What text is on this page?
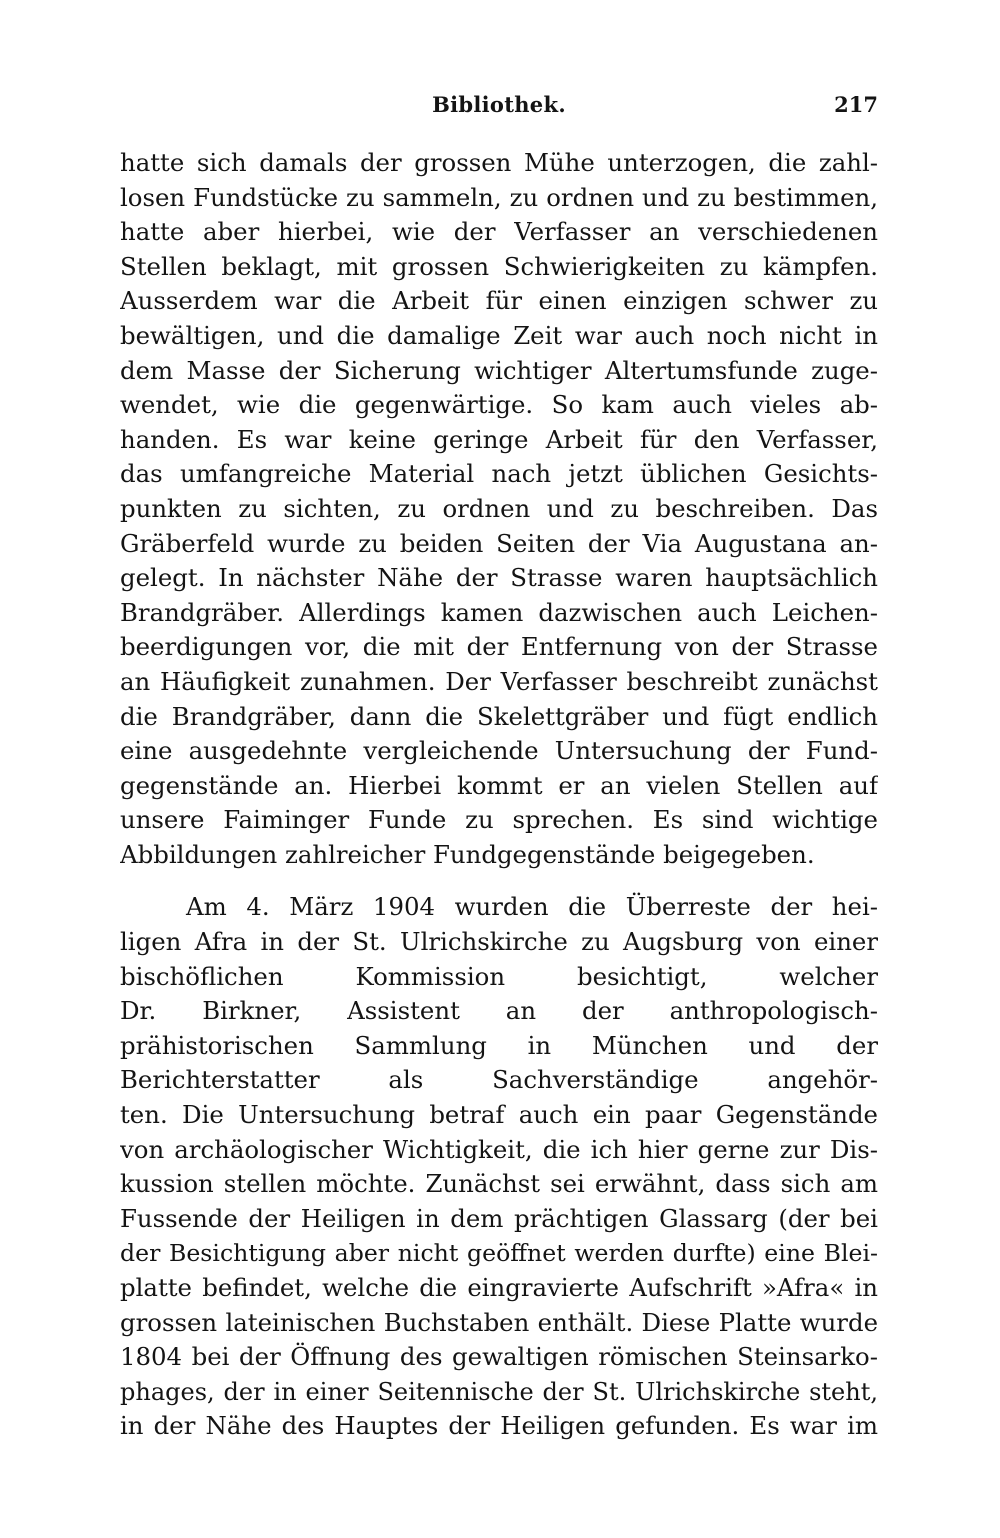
Bibliothek.	217
hatte sich damals der grossen Mühe unterzogen, die zahl-
losen Fundstücke zu sammeln, zu ordnen und zu bestimmen,
hatte aber hierbei, wie der Verfasser an verschiedenen
Stellen beklagt, mit grossen Schwierigkeiten zu kämpfen.
Ausserdem war die Arbeit für einen einzigen schwer zu
bewältigen, und die damalige Zeit war auch noch nicht in
dem Masse der Sicherung wichtiger Altertumsfunde zuge-
wendet, wie die gegenwärtige. So kam auch vieles ab-
handen. Es war keine geringe Arbeit für den Verfasser,
das umfangreiche Material nach jetzt üblichen Gesichts-
punkten zu sichten, zu ordnen und zu beschreiben. Das
Gräberfeld wurde zu beiden Seiten der Via Augustana an-
gelegt. In nächster Nähe der Strasse waren hauptsächlich
Brandgräber. Allerdings kamen dazwischen auch Leichen-
beerdigungen vor, die mit der Entfernung von der Strasse
an Häufigkeit zunahmen. Der Verfasser beschreibt zunächst
die Brandgräber, dann die Skelettgräber und fügt endlich
eine ausgedehnte vergleichende Untersuchung der Fund-
gegenstände an. Hierbei kommt er an vielen Stellen auf
unsere Faiminger Funde zu sprechen. Es sind wichtige
Abbildungen zahlreicher Fundgegenstände beigegeben.
Am 4. März 1904 wurden die Überreste der hei-
ligen Afra in der St. Ulrichskirche zu Augsburg von einer
bischöflichen Kommission besichtigt, welcher
Dr. Birkner, Assistent an der anthropologisch-
prähistorischen Sammlung in München und der
Berichterstatter als Sachverständige angehör-
ten. Die Untersuchung betraf auch ein paar Gegenstände
von archäologischer Wichtigkeit, die ich hier gerne zur Dis-
kussion stellen möchte. Zunächst sei erwähnt, dass sich am
Fussende der Heiligen in dem prächtigen Glassarg (der bei
der Besichtigung aber nicht geöffnet werden durfte) eine Blei-
platte befindet, welche die eingravierte Aufschrift »Afra« in
grossen lateinischen Buchstaben enthält. Diese Platte wurde
1804 bei der Öffnung des gewaltigen römischen Steinsarko-
phages, der in einer Seitennische der St. Ulrichskirche steht,
in der Nähe des Hauptes der Heiligen gefunden. Es war im
